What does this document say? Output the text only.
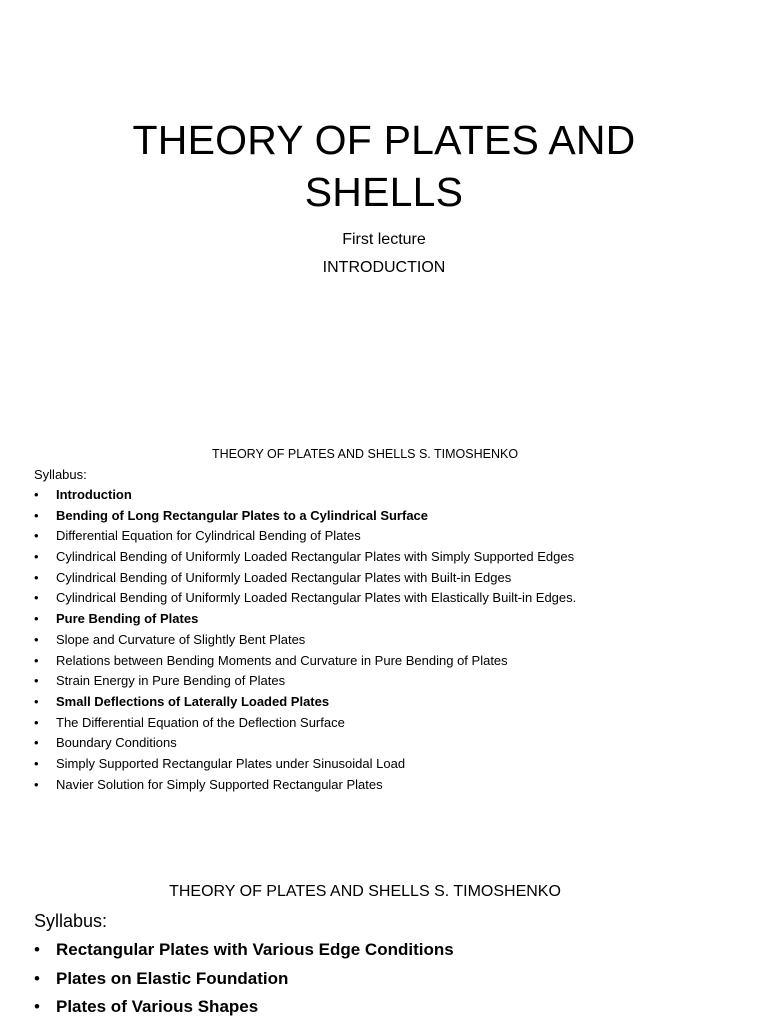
THEORY OF PLATES AND
SHELLS
First lecture
INTRODUCTION
THEORY OF PLATES AND SHELLS S. TIMOSHENKO
Syllabus:
• Introduction
• Bending of Long Rectangular Plates to a Cylindrical Surface
• Differential Equation for Cylindrical Bending of Plates
• Cylindrical Bending of Uniformly Loaded Rectangular Plates with Simply Supported Edges
• Cylindrical Bending of Uniformly Loaded Rectangular Plates with Built-in Edges
• Cylindrical Bending of Uniformly Loaded Rectangular Plates with Elastically Built-in Edges.
• Pure Bending of Plates
• Slope and Curvature of Slightly Bent Plates
• Relations between Bending Moments and Curvature in Pure Bending of Plates
• Strain Energy in Pure Bending of Plates
• Small Deflections of Laterally Loaded Plates
• The Differential Equation of the Deflection Surface
• Boundary Conditions
• Simply Supported Rectangular Plates under Sinusoidal Load
• Navier Solution for Simply Supported Rectangular Plates
THEORY OF PLATES AND SHELLS S. TIMOSHENKO
Syllabus:
• Rectangular Plates with Various Edge Conditions
• Plates on Elastic Foundation
• Plates of Various Shapes
